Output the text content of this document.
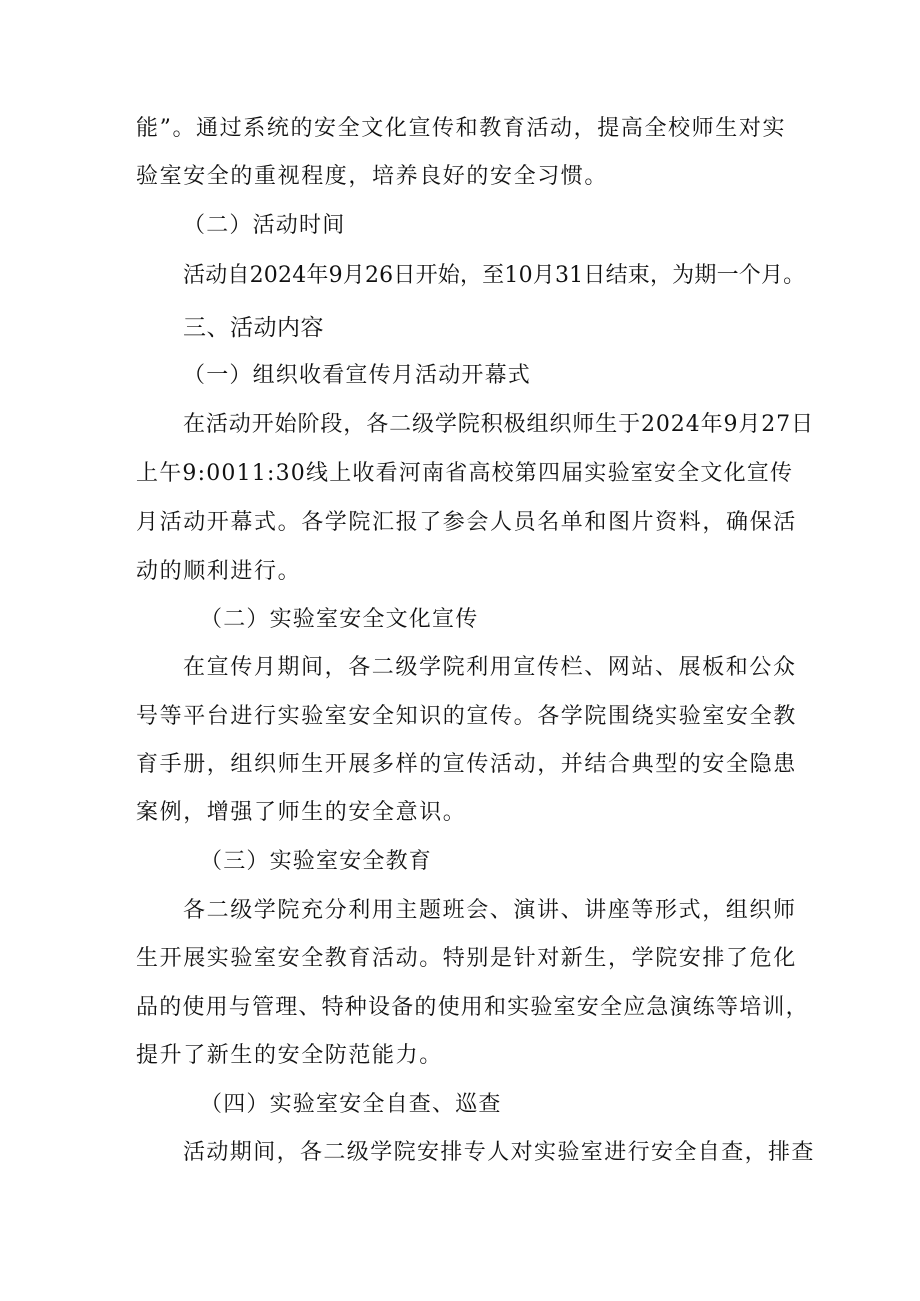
能”。通过系统的安全文化宣传和教育活动，提高全校师生对实
验室安全的重视程度，培养良好的安全习惯。
（二）活动时间
活动自2024年9月26日开始，至10月31日结束，为期一个月。
三、活动内容
（一）组织收看宣传月活动开幕式
在活动开始阶段，各二级学院积极组织师生于2024年9月27日
上午9:0011:30线上收看河南省高校第四届实验室安全文化宣传
月活动开幕式。各学院汇报了参会人员名单和图片资料，确保活
动的顺利进行。
（二）实验室安全文化宣传
在宣传月期间，各二级学院利用宣传栏、网站、展板和公众
号等平台进行实验室安全知识的宣传。各学院围绕实验室安全教
育手册，组织师生开展多样的宣传活动，并结合典型的安全隐患
案例，增强了师生的安全意识。
（三）实验室安全教育
各二级学院充分利用主题班会、演讲、讲座等形式，组织师
生开展实验室安全教育活动。特别是针对新生，学院安排了危化
品的使用与管理、特种设备的使用和实验室安全应急演练等培训，
提升了新生的安全防范能力。
（四）实验室安全自查、巡查
活动期间，各二级学院安排专人对实验室进行安全自查，排查
